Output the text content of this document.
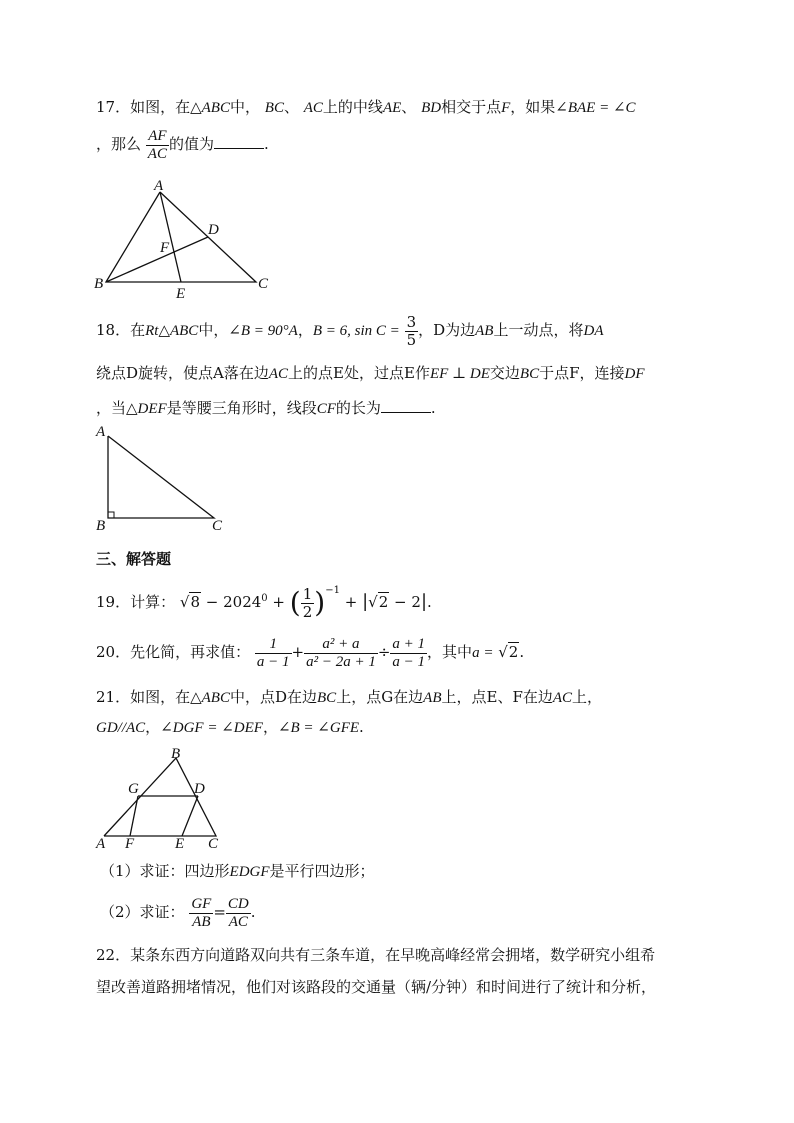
17．如图，在△ABC中， BC、 AC上的中线AE、 BD相交于点F，如果∠BAE = ∠C
，那么 $\frac{AF}{AC}$ 的值为	.
A
B	C
D
E
F
18．在Rt△ABC中，∠B = 90°A，B = 6, $\sin C = \frac{3}{5}$ ，D为边AB上一动点，将DA
绕点D旋转，使点A落在边AC上的点E处，过点E作EF ⊥ DE交边BC于点F，连接DF
，当△DEF是等腰三角形时，线段CF的长为	.
A
B	C
三、解答题
19．计算： $√8 - 2024^0$ + ( $\frac{1}{2} )^{-1} + |√2 - 2|$.
20．先化简，再求值： $\frac{1}{a - 1} + \frac{\text{a² + a}}{\text{a² − 2a + 1}} \div \frac{a + 1}{a - 1}$ ，其中a = √2.
21．如图，在△ABC中，点D在边BC上，点G在边AB上，点E、F在边AC上，
GD//AC，∠DGF = ∠DEF，∠B = ∠GFE.
B
G	D
A F	E C
（1）求证：四边形EDGF是平行四边形；
（2）求证： $\frac{GF}{AB} = \frac{CD}{AC}$ .
22．某条东西方向道路双向共有三条车道，在早晚高峰经常会拥堵，数学研究小组希
望改善道路拥堵情况，他们对该路段的交通量（辆/分钟）和时间进行了统计和分析，
